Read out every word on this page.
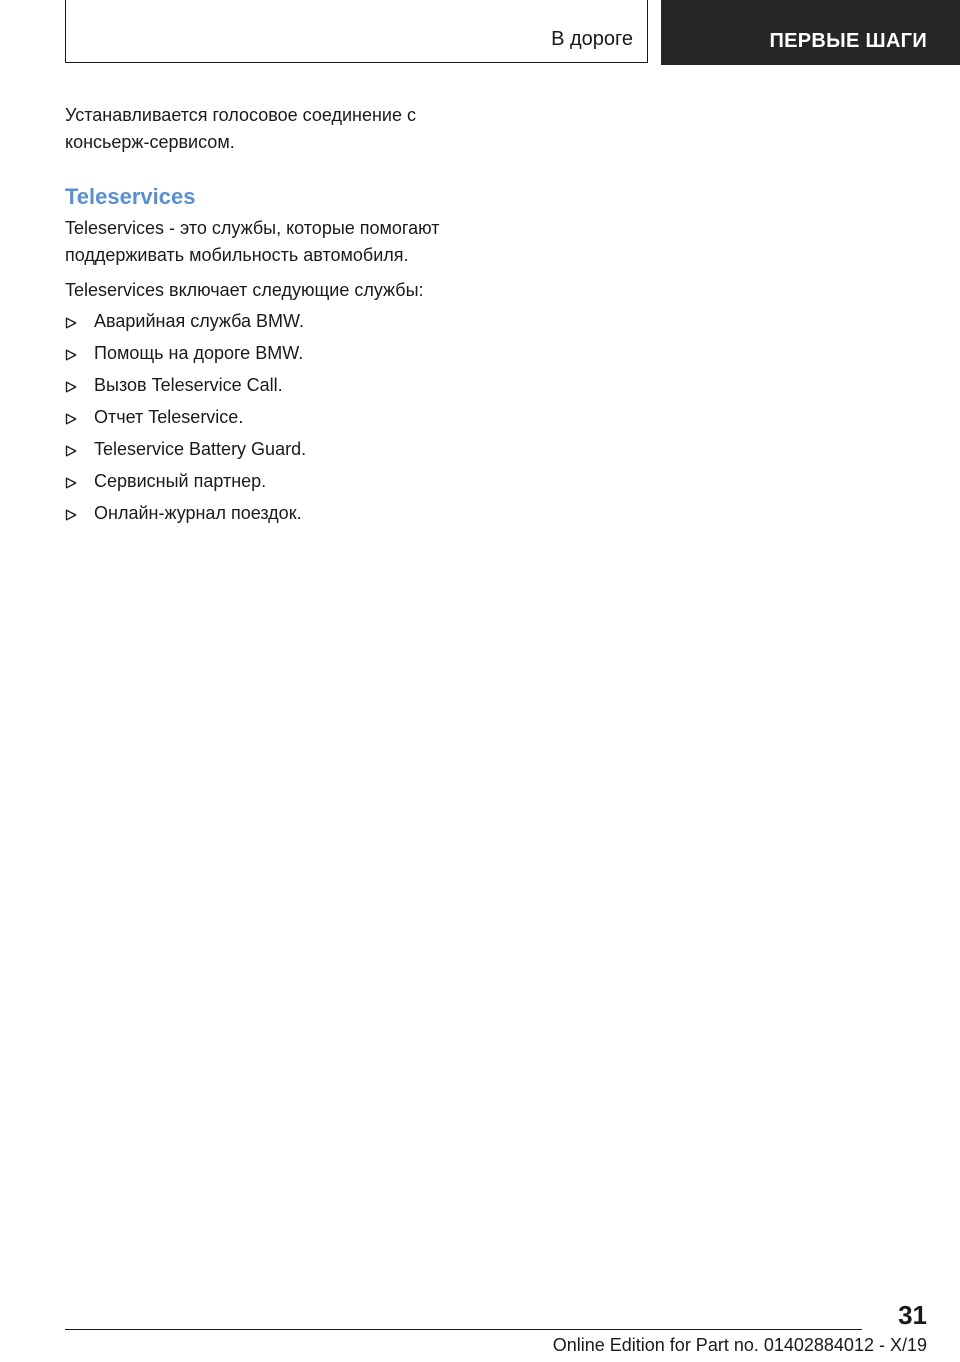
В дороге	ПЕРВЫЕ ШАГИ

Устанавливается голосовое соединение с консьерж-сервисом.

Teleservices

Teleservices - это службы, которые помогают поддерживать мобильность автомобиля.

Teleservices включает следующие службы:

Аварийная служба BMW.
Помощь на дороге BMW.
Вызов Teleservice Call.
Отчет Teleservice.
Teleservice Battery Guard.
Сервисный партнер.
Онлайн-журнал поездок.
31
Online Edition for Part no. 01402884012 - X/19
